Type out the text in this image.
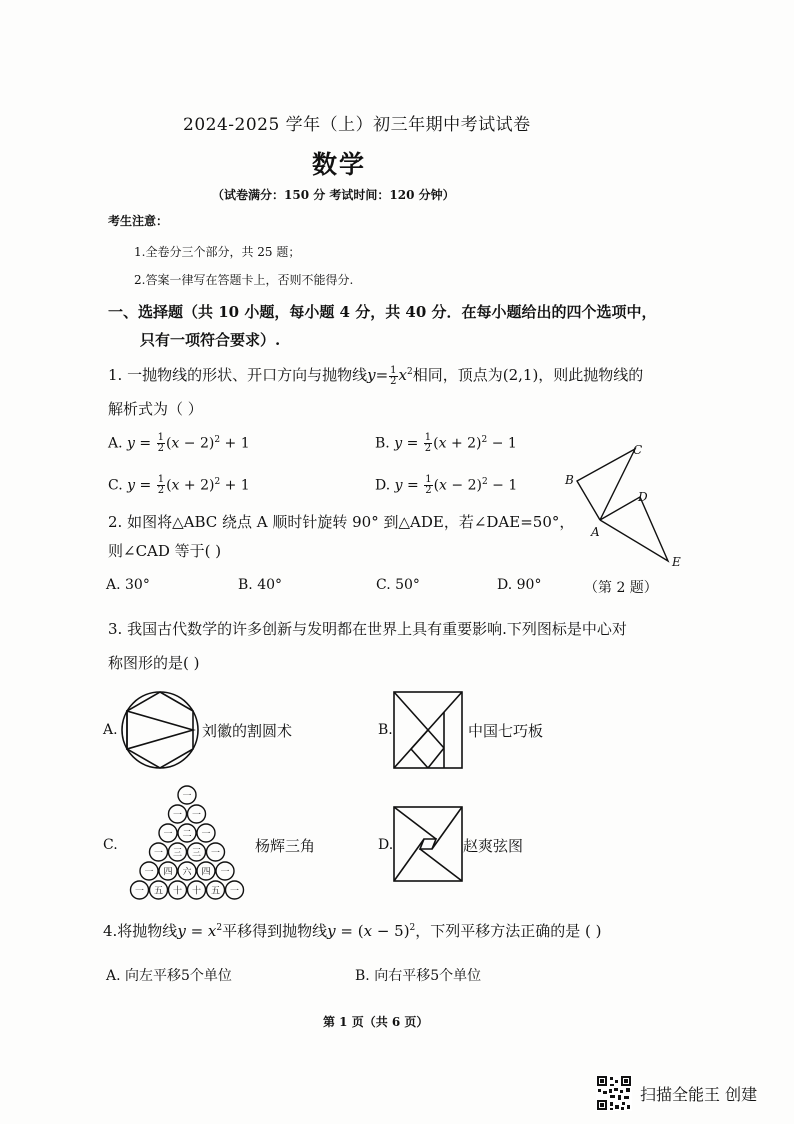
2024-2025 学年（上）初三年期中考试试卷
数学
（试卷满分：150 分 考试时间：120 分钟）
考生注意：
1.全卷分三个部分，共 25 题；
2.答案一律写在答题卡上，否则不能得分.
一、选择题（共 10 小题，每小题 4 分，共 40 分．在每小题给出的四个选项中，
只有一项符合要求）.
1. 一抛物线的形状、开口方向与抛物线$y= \frac{1}{2} x^2$相同，顶点为(2,1)，则此抛物线的
解析式为（ ）
A. $y = \frac{1}{2} (x - 2)^2 + 1$	B. $y = \frac{1}{2} (x + 2)^2 - 1$
C. $y = \frac{1}{2} (x + 2)^2 + 1$	D. $y = \frac{1}{2} (x - 2)^2 - 1$
2. 如图将△ABC 绕点 A 顺时针旋转 90° 到△ADE，若∠DAE=50°，
则∠CAD 等于( )
A. 30°	B. 40°	C. 50°	D. 90°	（第 2 题）
A
B
C
D
E
3. 我国古代数学的许多创新与发明都在世界上具有重要影响.下列图标是中心对
称图形的是( )
A.	刘徽的割圆术	B.	中国七巧板
C.
一
一 一
一 二 一
一 三 三 一
一 四 六 四 一
一 五 十 十 五 一
杨辉三角	D.	赵爽弦图
4.将抛物线$y = x^2$平移得到抛物线$y = (x - 5)^2$，下列平移方法正确的是 ( )
A. 向左平移5个单位	B. 向右平移5个单位
第 1 页（共 6 页）
扫描全能王 创建
